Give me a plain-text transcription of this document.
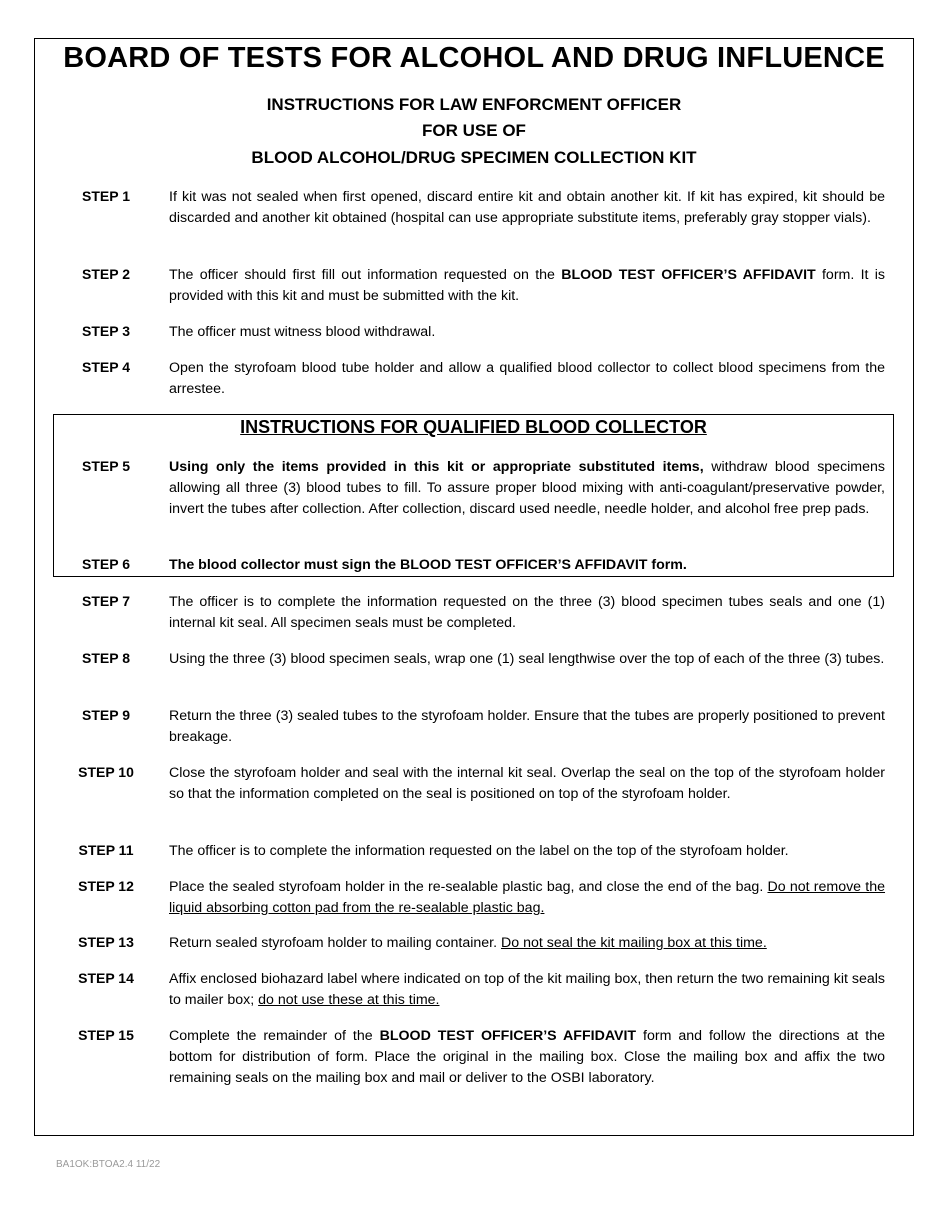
BOARD OF TESTS FOR ALCOHOL AND DRUG INFLUENCE
INSTRUCTIONS FOR LAW ENFORCMENT OFFICER
FOR USE OF
BLOOD ALCOHOL/DRUG SPECIMEN COLLECTION KIT
STEP 1	If kit was not sealed when first opened, discard entire kit and obtain another kit. If kit has expired, kit should be discarded and another kit obtained (hospital can use appropriate substitute items, preferably gray stopper vials).
STEP 2	The officer should first fill out information requested on the BLOOD TEST OFFICER’S AFFIDAVIT form. It is provided with this kit and must be submitted with the kit.
STEP 3	The officer must witness blood withdrawal.
STEP 4	Open the styrofoam blood tube holder and allow a qualified blood collector to collect blood specimens from the arrestee.
INSTRUCTIONS FOR QUALIFIED BLOOD COLLECTOR
STEP 5	Using only the items provided in this kit or appropriate substituted items, withdraw blood specimens allowing all three (3) blood tubes to fill. To assure proper blood mixing with anti-coagulant/preservative powder, invert the tubes after collection. After collection, discard used needle, needle holder, and alcohol free prep pads.
STEP 6	The blood collector must sign the BLOOD TEST OFFICER’S AFFIDAVIT form.
STEP 7	The officer is to complete the information requested on the three (3) blood specimen tubes seals and one (1) internal kit seal. All specimen seals must be completed.
STEP 8	Using the three (3) blood specimen seals, wrap one (1) seal lengthwise over the top of each of the three (3) tubes.
STEP 9	Return the three (3) sealed tubes to the styrofoam holder. Ensure that the tubes are properly positioned to prevent breakage.
STEP 10	Close the styrofoam holder and seal with the internal kit seal. Overlap the seal on the top of the styrofoam holder so that the information completed on the seal is positioned on top of the styrofoam holder.
STEP 11	The officer is to complete the information requested on the label on the top of the styrofoam holder.
STEP 12	Place the sealed styrofoam holder in the re-sealable plastic bag, and close the end of the bag. Do not remove the liquid absorbing cotton pad from the re-sealable plastic bag.
STEP 13	Return sealed styrofoam holder to mailing container. Do not seal the kit mailing box at this time.
STEP 14	Affix enclosed biohazard label where indicated on top of the kit mailing box, then return the two remaining kit seals to mailer box; do not use these at this time.
STEP 15	Complete the remainder of the BLOOD TEST OFFICER’S AFFIDAVIT form and follow the directions at the bottom for distribution of form. Place the original in the mailing box. Close the mailing box and affix the two remaining seals on the mailing box and mail or deliver to the OSBI laboratory.
BA1OK:BTOA2.4 11/22
